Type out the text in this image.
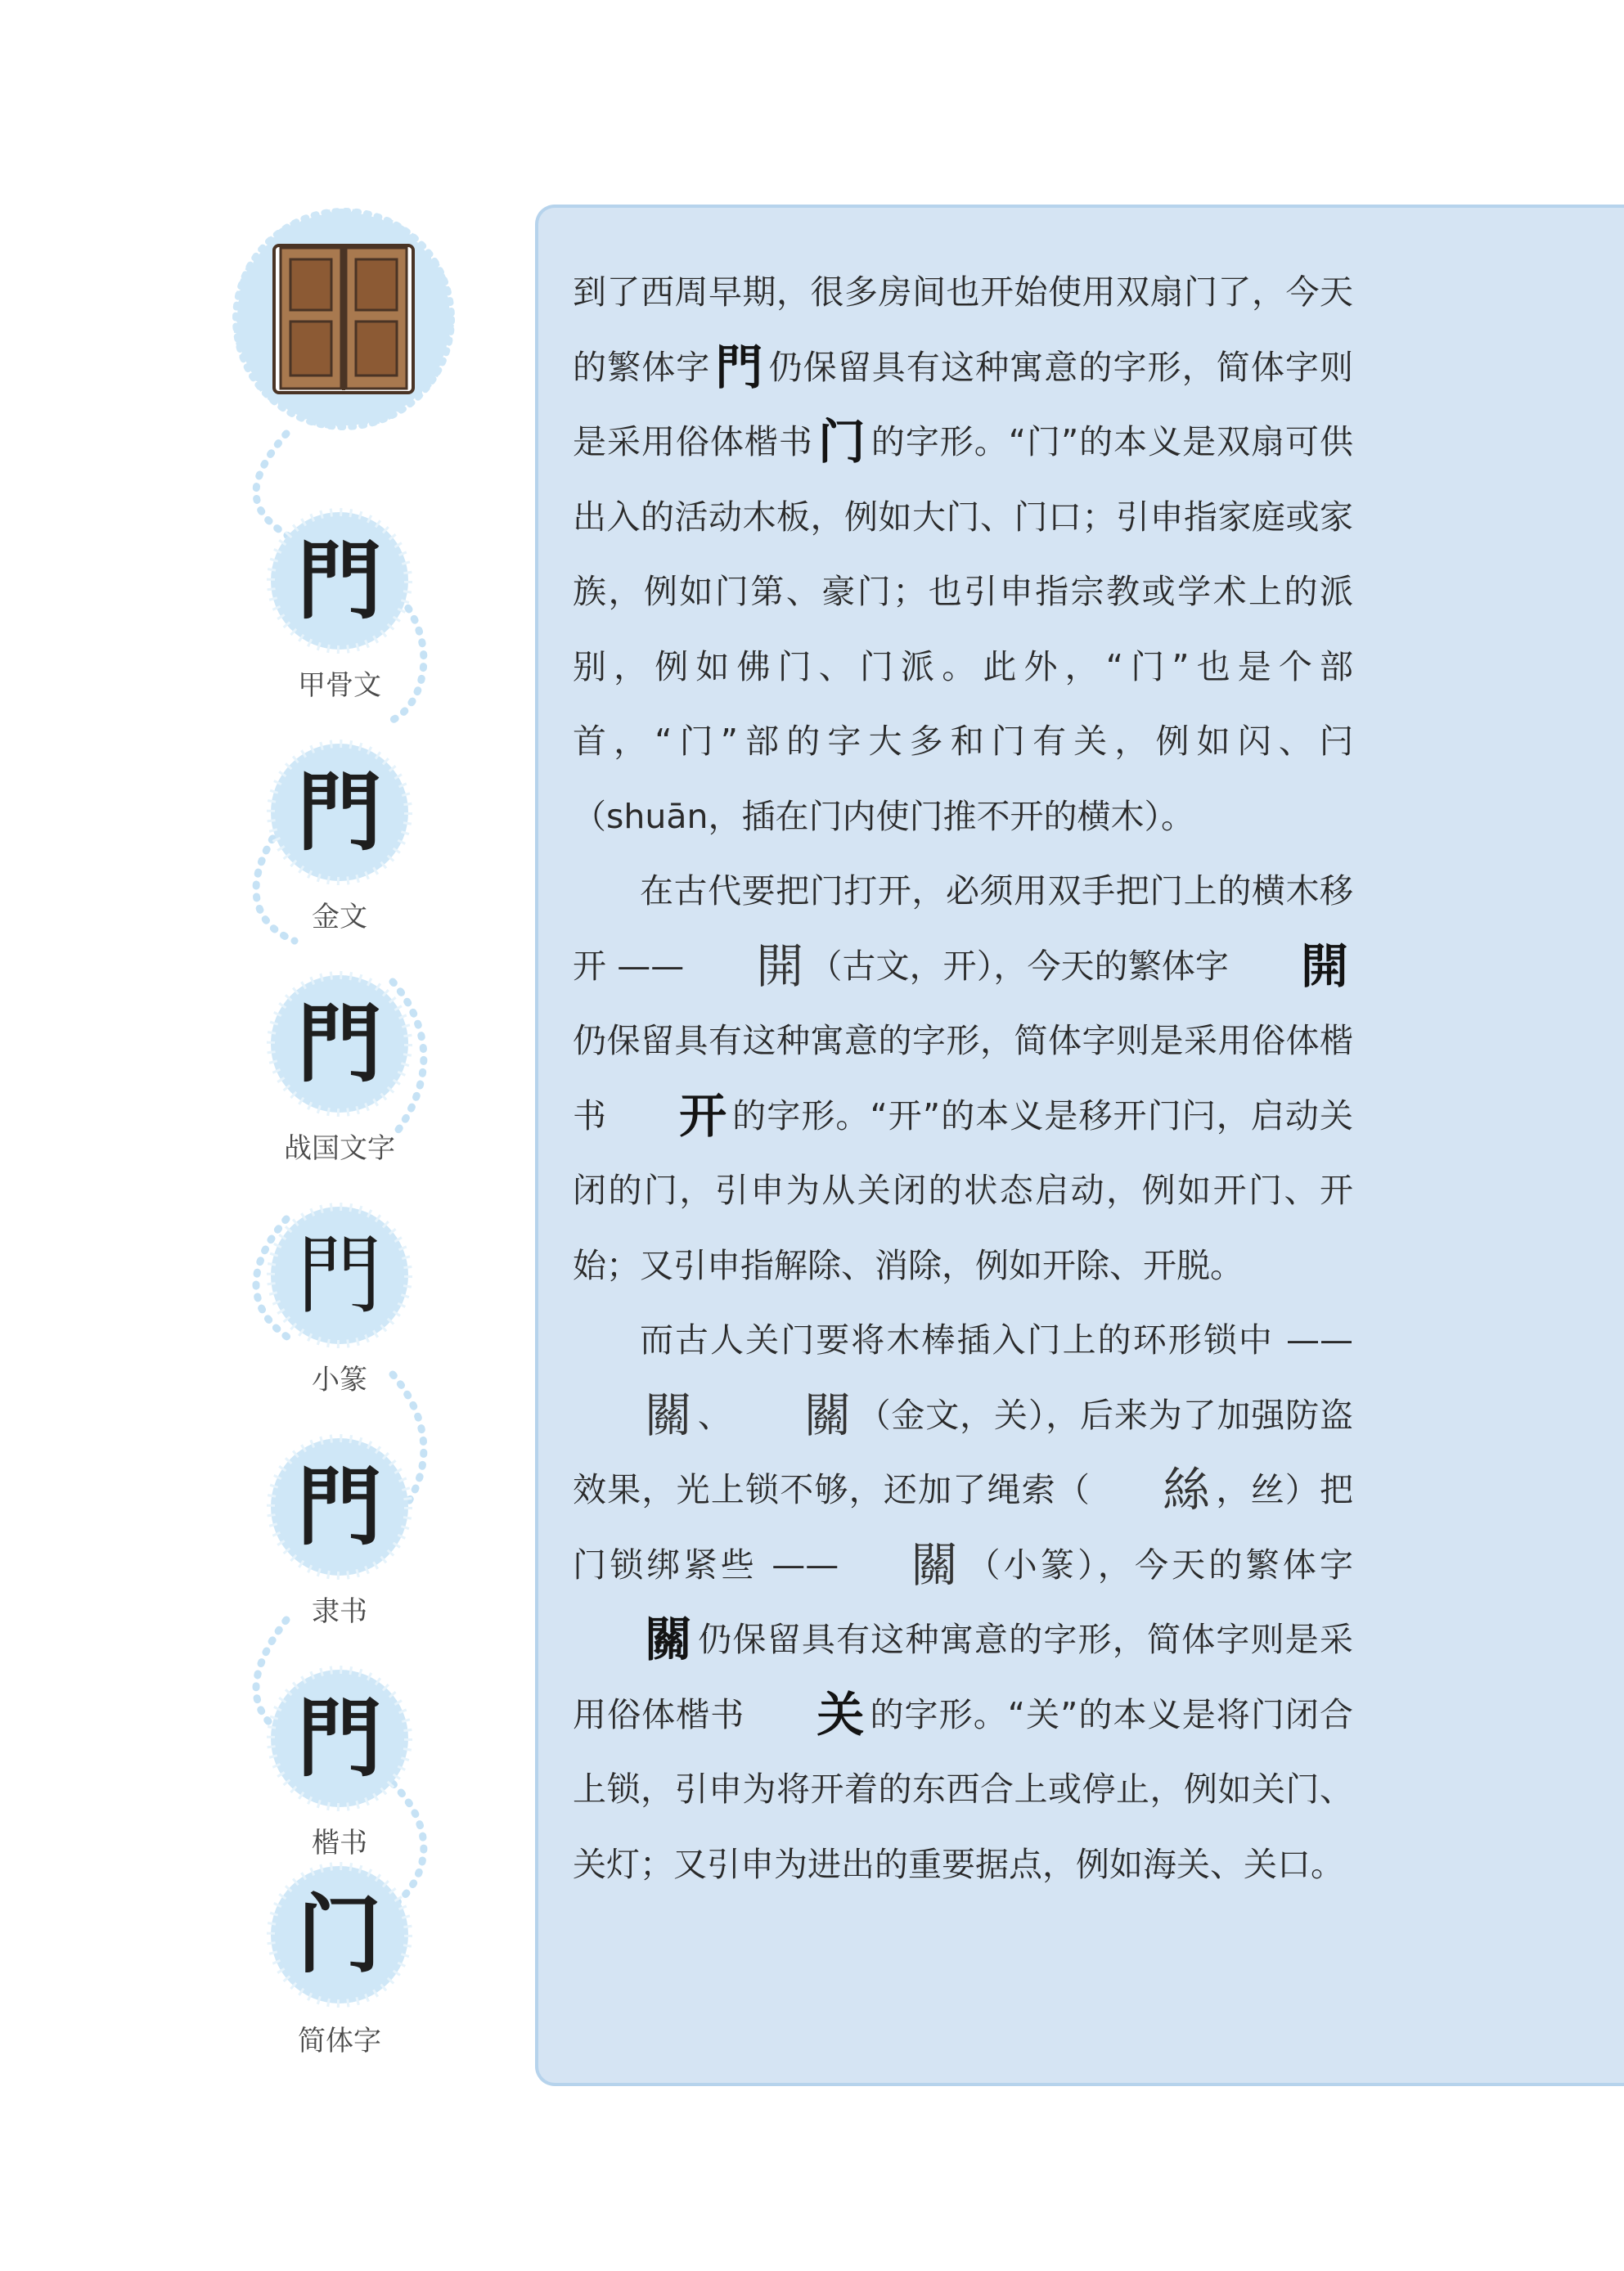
門
甲骨文
門
金文
門
战国文字
門
小篆
門
隶书
門
楷书
门
简体字

到了西周早期，很多房间也开始使用双扇门了，今天的繁体字 門 仍保留具有这种寓意的字形，简体字则是采用俗体楷书 门 的字形。“门”的本义是双扇可供出入的活动木板，例如大门、门口；引申指家庭或家族，例如门第、豪门；也引申指宗教或学术上的派别，例如佛门、门派。此外，“门”也是个部首，“门”部的字大多和门有关，例如闪、闩（shuān，插在门内使门推不开的横木）。

在古代要把门打开，必须用双手把门上的横木移开 —— 開 （古文，开），今天的繁体字 開仍保留具有这种寓意的字形，简体字则是采用俗体楷书 开 的字形。“开”的本义是移开门闩，启动关闭的门，引申为从关闭的状态启动，例如开门、开始；又引申指解除、消除，例如开除、开脱。

而古人关门要将木棒插入门上的环形锁中 ——關 、 關 （金文，关），后来为了加强防盗效果，光上锁不够，还加了绳索（ 絲 ，丝）把门锁绑紧些 —— 關 （小篆），今天的繁体字關 仍保留具有这种寓意的字形，简体字则是采用俗体楷书 关 的字形。“关”的本义是将门闭合上锁，引申为将开着的东西合上或停止，例如关门、关灯；又引申为进出的重要据点，例如海关、关口。
